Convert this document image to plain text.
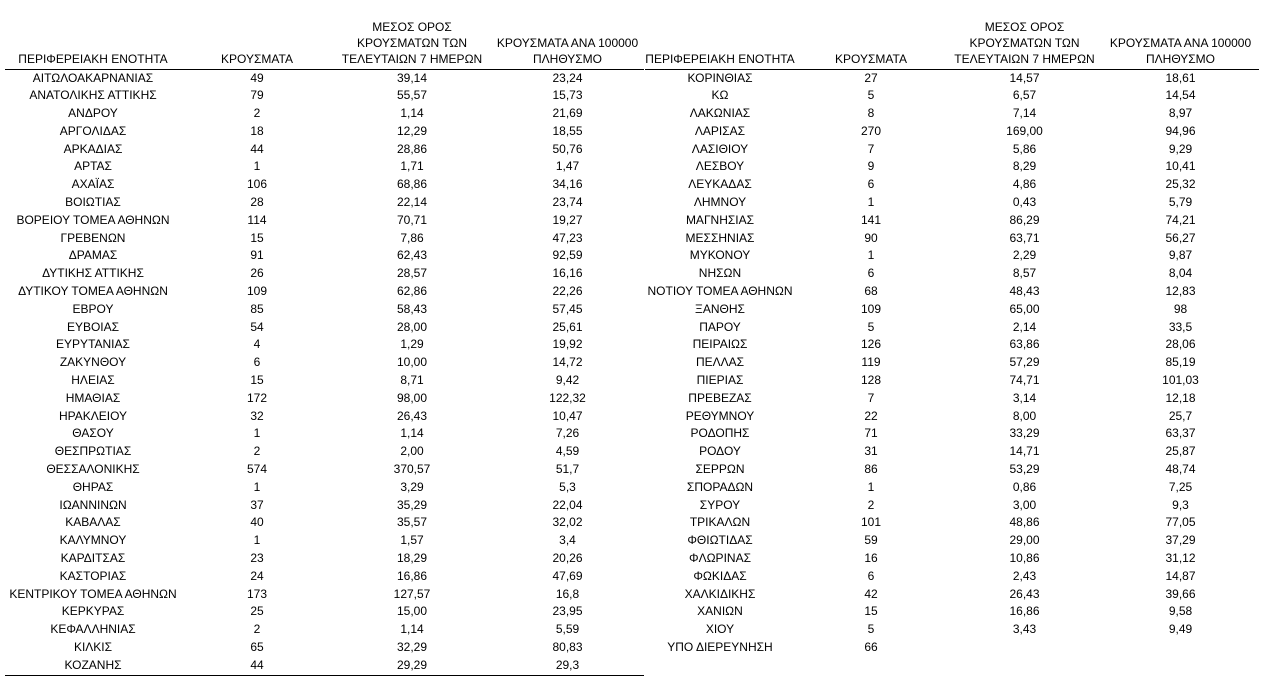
ΠΕΡΙΦΕΡΕΙΑΚΗ ΕΝΟΤΗΤΑ	ΚΡΟΥΣΜΑΤΑ	ΜΕΣΟΣ ΟΡΟΣ
ΚΡΟΥΣΜΑΤΩΝ ΤΩΝ
ΤΕΛΕΥΤΑΙΩΝ 7 ΗΜΕΡΩΝ	ΚΡΟΥΣΜΑΤΑ ΑΝΑ 100000
ΠΛΗΘΥΣΜΟ
ΑΙΤΩΛΟΑΚΑΡΝΑΝΙΑΣ	49	39,14	23,24
ΑΝΑΤΟΛΙΚΗΣ ΑΤΤΙΚΗΣ	79	55,57	15,73
ΑΝΔΡΟΥ	2	1,14	21,69
ΑΡΓΟΛΙΔΑΣ	18	12,29	18,55
ΑΡΚΑΔΙΑΣ	44	28,86	50,76
ΑΡΤΑΣ	1	1,71	1,47
ΑΧΑΪΑΣ	106	68,86	34,16
ΒΟΙΩΤΙΑΣ	28	22,14	23,74
ΒΟΡΕΙΟΥ ΤΟΜΕΑ ΑΘΗΝΩΝ	114	70,71	19,27
ΓΡΕΒΕΝΩΝ	15	7,86	47,23
ΔΡΑΜΑΣ	91	62,43	92,59
ΔΥΤΙΚΗΣ ΑΤΤΙΚΗΣ	26	28,57	16,16
ΔΥΤΙΚΟΥ ΤΟΜΕΑ ΑΘΗΝΩΝ	109	62,86	22,26
ΕΒΡΟΥ	85	58,43	57,45
ΕΥΒΟΙΑΣ	54	28,00	25,61
ΕΥΡΥΤΑΝΙΑΣ	4	1,29	19,92
ΖΑΚΥΝΘΟΥ	6	10,00	14,72
ΗΛΕΙΑΣ	15	8,71	9,42
ΗΜΑΘΙΑΣ	172	98,00	122,32
ΗΡΑΚΛΕΙΟΥ	32	26,43	10,47
ΘΑΣΟΥ	1	1,14	7,26
ΘΕΣΠΡΩΤΙΑΣ	2	2,00	4,59
ΘΕΣΣΑΛΟΝΙΚΗΣ	574	370,57	51,7
ΘΗΡΑΣ	1	3,29	5,3
ΙΩΑΝΝΙΝΩΝ	37	35,29	22,04
ΚΑΒΑΛΑΣ	40	35,57	32,02
ΚΑΛΥΜΝΟΥ	1	1,57	3,4
ΚΑΡΔΙΤΣΑΣ	23	18,29	20,26
ΚΑΣΤΟΡΙΑΣ	24	16,86	47,69
ΚΕΝΤΡΙΚΟΥ ΤΟΜΕΑ ΑΘΗΝΩΝ	173	127,57	16,8
ΚΕΡΚΥΡΑΣ	25	15,00	23,95
ΚΕΦΑΛΛΗΝΙΑΣ	2	1,14	5,59
ΚΙΛΚΙΣ	65	32,29	80,83
ΚΟΖΑΝΗΣ	44	29,29	29,3
ΠΕΡΙΦΕΡΕΙΑΚΗ ΕΝΟΤΗΤΑ	ΚΡΟΥΣΜΑΤΑ	ΜΕΣΟΣ ΟΡΟΣ
ΚΡΟΥΣΜΑΤΩΝ ΤΩΝ
ΤΕΛΕΥΤΑΙΩΝ 7 ΗΜΕΡΩΝ	ΚΡΟΥΣΜΑΤΑ ΑΝΑ 100000
ΠΛΗΘΥΣΜΟ
ΚΟΡΙΝΘΙΑΣ	27	14,57	18,61
ΚΩ	5	6,57	14,54
ΛΑΚΩΝΙΑΣ	8	7,14	8,97
ΛΑΡΙΣΑΣ	270	169,00	94,96
ΛΑΣΙΘΙΟΥ	7	5,86	9,29
ΛΕΣΒΟΥ	9	8,29	10,41
ΛΕΥΚΑΔΑΣ	6	4,86	25,32
ΛΗΜΝΟΥ	1	0,43	5,79
ΜΑΓΝΗΣΙΑΣ	141	86,29	74,21
ΜΕΣΣΗΝΙΑΣ	90	63,71	56,27
ΜΥΚΟΝΟΥ	1	2,29	9,87
ΝΗΣΩΝ	6	8,57	8,04
ΝΟΤΙΟΥ ΤΟΜΕΑ ΑΘΗΝΩΝ	68	48,43	12,83
ΞΑΝΘΗΣ	109	65,00	98
ΠΑΡΟΥ	5	2,14	33,5
ΠΕΙΡΑΙΩΣ	126	63,86	28,06
ΠΕΛΛΑΣ	119	57,29	85,19
ΠΙΕΡΙΑΣ	128	74,71	101,03
ΠΡΕΒΕΖΑΣ	7	3,14	12,18
ΡΕΘΥΜΝΟΥ	22	8,00	25,7
ΡΟΔΟΠΗΣ	71	33,29	63,37
ΡΟΔΟΥ	31	14,71	25,87
ΣΕΡΡΩΝ	86	53,29	48,74
ΣΠΟΡΑΔΩΝ	1	0,86	7,25
ΣΥΡΟΥ	2	3,00	9,3
ΤΡΙΚΑΛΩΝ	101	48,86	77,05
ΦΘΙΩΤΙΔΑΣ	59	29,00	37,29
ΦΛΩΡΙΝΑΣ	16	10,86	31,12
ΦΩΚΙΔΑΣ	6	2,43	14,87
ΧΑΛΚΙΔΙΚΗΣ	42	26,43	39,66
ΧΑΝΙΩΝ	15	16,86	9,58
ΧΙΟΥ	5	3,43	9,49
ΥΠΟ ΔΙΕΡΕΥΝΗΣΗ	66		
